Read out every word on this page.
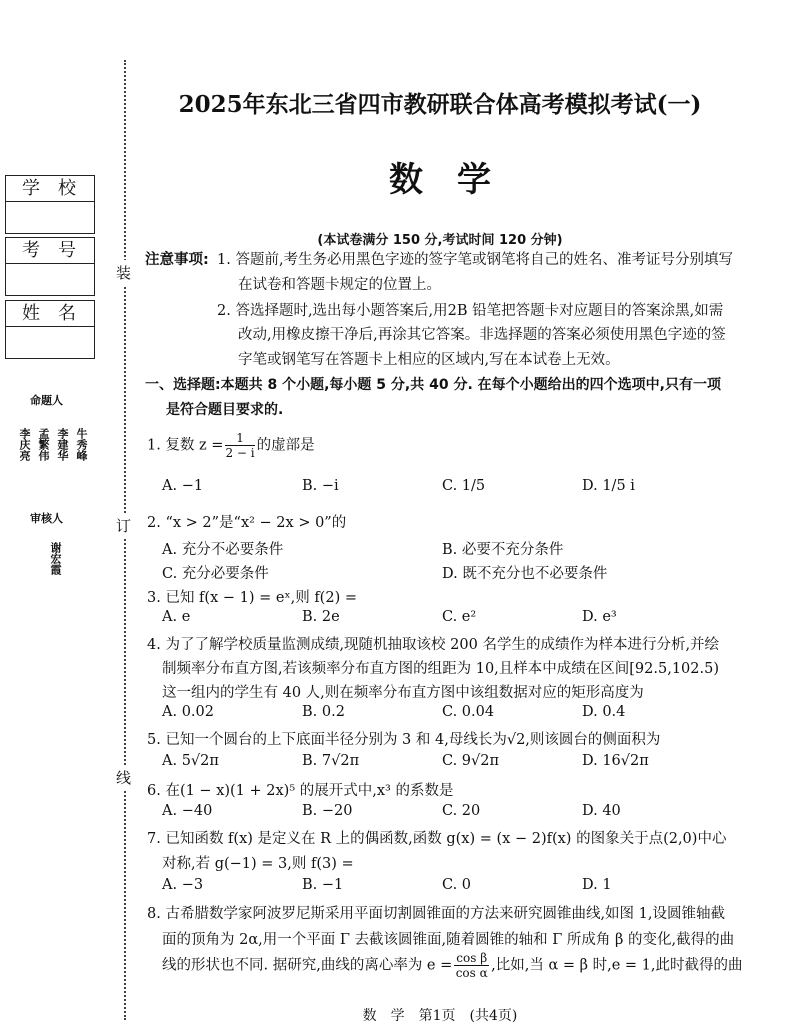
装
订
线
学校
考号
姓名
命题人
李庆亮 孟繁伟 李建华 牛秀峰
审核人
谢宏霞
2025年东北三省四市教研联合体高考模拟考试(一)
数　学
(本试卷满分 150 分,考试时间 120 分钟)
注意事项: 1. 答题前,考生务必用黑色字迹的签字笔或钢笔将自己的姓名、准考证号分别填写
在试卷和答题卡规定的位置上。
2. 答选择题时,选出每小题答案后,用2B 铅笔把答题卡对应题目的答案涂黑,如需
改动,用橡皮擦干净后,再涂其它答案。非选择题的答案必须使用黑色字迹的签
字笔或钢笔写在答题卡上相应的区域内,写在本试卷上无效。
一、选择题:本题共 8 个小题,每小题 5 分,共 40 分. 在每个小题给出的四个选项中,只有一项
是符合题目要求的.
1. 复数 $z = \frac{1}{2 - i}$ 的虚部是
A. −1	B. −i	C. 1/5	D. 1/5 i
2. “x > 2”是“x² − 2x > 0”的
A. 充分不必要条件	B. 必要不充分条件
C. 充分必要条件	D. 既不充分也不必要条件
3. 已知 f(x − 1) = eˣ,则 f(2) =
A. e	B. 2e	C. e²	D. e³
4. 为了了解学校质量监测成绩,现随机抽取该校 200 名学生的成绩作为样本进行分析,并绘
制频率分布直方图,若该频率分布直方图的组距为 10,且样本中成绩在区间[92.5,102.5)
这一组内的学生有 40 人,则在频率分布直方图中该组数据对应的矩形高度为
A. 0.02	B. 0.2	C. 0.04	D. 0.4
5. 已知一个圆台的上下底面半径分别为 3 和 4,母线长为√2,则该圆台的侧面积为
A. 5√2π	B. 7√2π	C. 9√2π	D. 16√2π
6. 在(1 − x)(1 + 2x)⁵ 的展开式中,x³ 的系数是
A. −40	B. −20	C. 20	D. 40
7. 已知函数 f(x) 是定义在 R 上的偶函数,函数 g(x) = (x − 2)f(x) 的图象关于点(2,0)中心
对称,若 g(−1) = 3,则 f(3) =
A. −3	B. −1	C. 0	D. 1
8. 古希腊数学家阿波罗尼斯采用平面切割圆锥面的方法来研究圆锥曲线,如图 1,设圆锥轴截
面的顶角为 2α,用一个平面 Γ 去截该圆锥面,随着圆锥的轴和 Γ 所成角 β 的变化,截得的曲
线的形状也不同. 据研究,曲线的离心率为 $e = \frac{\text{cos β}}{\text{cos α}}$ ,比如,当 α = β 时,e = 1,此时截得的曲
数　学　第1页　(共4页)
